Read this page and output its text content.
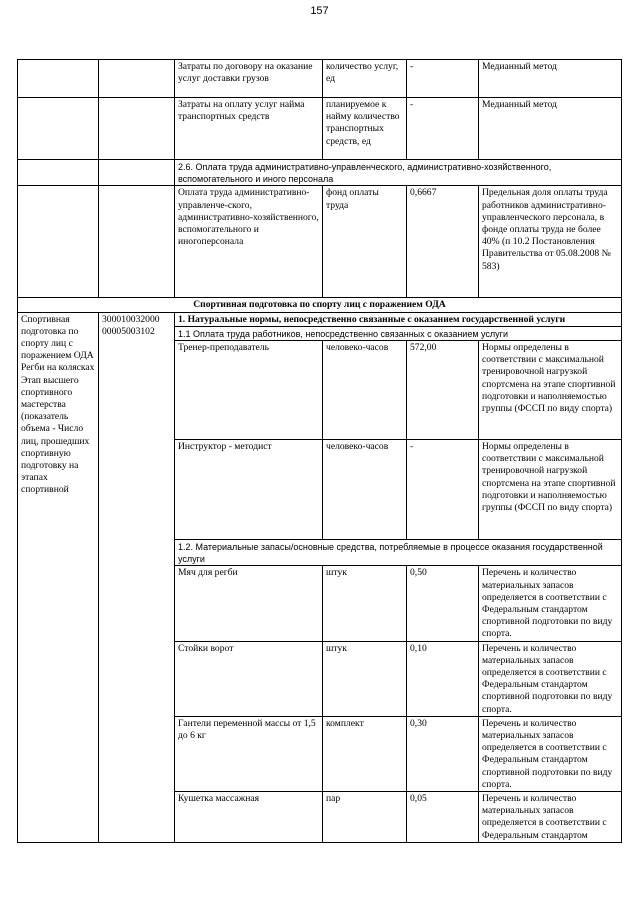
157
		Затраты по договору на оказание услуг доставки грузов	количество услуг, ед	-	Медианный метод
		Затраты на оплату услуг найма транспортных средств	планируемое к найму количество транспортных средств, ед	-	Медианный метод
		2.6. Оплата труда административно-управленческого, административно-хозяйственного, вспомогательного и иного персонала			
		Оплата труда административно-управленче-ского, административно-хозяйственного, вспомогательного и иногоперсонала	фонд оплаты труда	0,6667	Предельная доля оплаты труда работников административно-управленческого персонала, в фонде оплаты труда не более 40% (п 10.2 Постановления Правительства от 05.08.2008 № 583)
Спортивная подготовка по спорту лиц с поражением ОДА					
Спортивная подготовка по спорту лиц с поражением ОДА Регби на колясках Этап высшего спортивного мастерства (показатель объема - Число лиц, прошедших спортивную подготовку на этапах спортивной	300010032000 00005003102	1. Натуральные нормы, непосредственно связанные с оказанием государственной услуги			
		1.1 Оплата труда работников, непосредственно связанных с оказанием услуги			
		Тренер-преподаватель	человеко-часов	572,00	Нормы определены в соответствии с максимальной тренировочной нагрузкой спортсмена на этапе спортивной подготовки и наполняемостью группы (ФССП по виду спорта)
		Инструктор - методист	человеко-часов	-	Нормы определены в соответствии с максимальной тренировочной нагрузкой спортсмена на этапе спортивной подготовки и наполняемостью группы (ФССП по виду спорта)
		1.2. Материальные запасы/основные средства, потребляемые в процессе оказания государственной услуги			
		Мяч для регби	штук	0,50	Перечень и количество материальных запасов определяется в соответствии с Федеральным стандартом спортивной подготовки по виду спорта.
		Стойки ворот	штук	0,10	Перечень и количество материальных запасов определяется в соответствии с Федеральным стандартом спортивной подготовки по виду спорта.
		Гантели переменной массы от 1,5 до 6 кг	комплект	0,30	Перечень и количество материальных запасов определяется в соответствии с Федеральным стандартом спортивной подготовки по виду спорта.
		Кушетка массажная	пар	0,05	Перечень и количество материальных запасов определяется в соответствии с Федеральным стандартом
